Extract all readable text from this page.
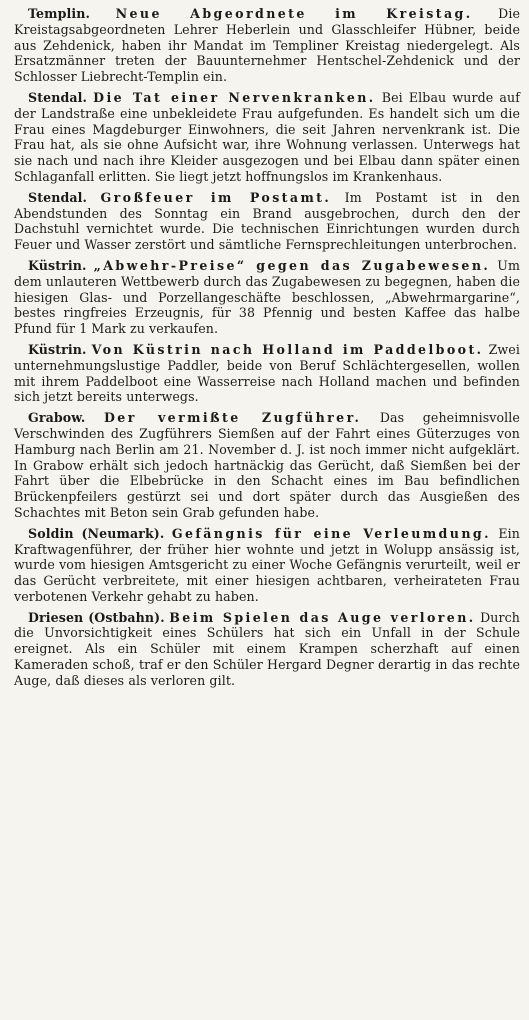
Templin. Neue Abgeordnete im Kreistag. Die Kreistagsabgeordneten Lehrer Heberlein und Glasschleifer Hübner, beide aus Zehdenick, haben ihr Mandat im Templiner Kreistag niedergelegt. Als Ersatzmänner treten der Bauunternehmer Hentschel-Zehdenick und der Schlosser Liebrecht-Templin ein.

Stendal. Die Tat einer Nervenkranken. Bei Elbau wurde auf der Landstraße eine unbekleidete Frau aufgefunden. Es handelt sich um die Frau eines Magdeburger Einwohners, die seit Jahren nervenkrank ist. Die Frau hat, als sie ohne Aufsicht war, ihre Wohnung verlassen. Unterwegs hat sie nach und nach ihre Kleider ausgezogen und bei Elbau dann später einen Schlaganfall erlitten. Sie liegt jetzt hoffnungslos im Krankenhaus.

Stendal. Großfeuer im Postamt. Im Postamt ist in den Abendstunden des Sonntag ein Brand ausgebrochen, durch den der Dachstuhl vernichtet wurde. Die technischen Einrichtungen wurden durch Feuer und Wasser zerstört und sämtliche Fernsprechleitungen unterbrochen.

Küstrin. „Abwehr-Preise“ gegen das Zugabewesen. Um dem unlauteren Wettbewerb durch das Zugabewesen zu begegnen, haben die hiesigen Glas- und Porzellangeschäfte beschlossen, „Abwehrmargarine“, bestes ringfreies Erzeugnis, für 38 Pfennig und besten Kaffee das halbe Pfund für 1 Mark zu verkaufen.

Küstrin. Von Küstrin nach Holland im Paddelboot. Zwei unternehmungslustige Paddler, beide von Beruf Schlächtergesellen, wollen mit ihrem Paddelboot eine Wasserreise nach Holland machen und befinden sich jetzt bereits unterwegs.

Grabow. Der vermißte Zugführer. Das geheimnisvolle Verschwinden des Zugführers Siemßen auf der Fahrt eines Güterzuges von Hamburg nach Berlin am 21. November d. J. ist noch immer nicht aufgeklärt. In Grabow erhält sich jedoch hartnäckig das Gerücht, daß Siemßen bei der Fahrt über die Elbebrücke in den Schacht eines im Bau befindlichen Brückenpfeilers gestürzt sei und dort später durch das Ausgießen des Schachtes mit Beton sein Grab gefunden habe.

Soldin (Neumark). Gefängnis für eine Verleumdung. Ein Kraftwagenführer, der früher hier wohnte und jetzt in Wolupp ansässig ist, wurde vom hiesigen Amtsgericht zu einer Woche Gefängnis verurteilt, weil er das Gerücht verbreitete, mit einer hiesigen achtbaren, verheirateten Frau verbotenen Verkehr gehabt zu haben.

Driesen (Ostbahn). Beim Spielen das Auge verloren. Durch die Unvorsichtigkeit eines Schülers hat sich ein Unfall in der Schule ereignet. Als ein Schüler mit einem Krampen scherzhaft auf einen Kameraden schoß, traf er den Schüler Hergard Degner derartig in das rechte Auge, daß dieses als verloren gilt.
